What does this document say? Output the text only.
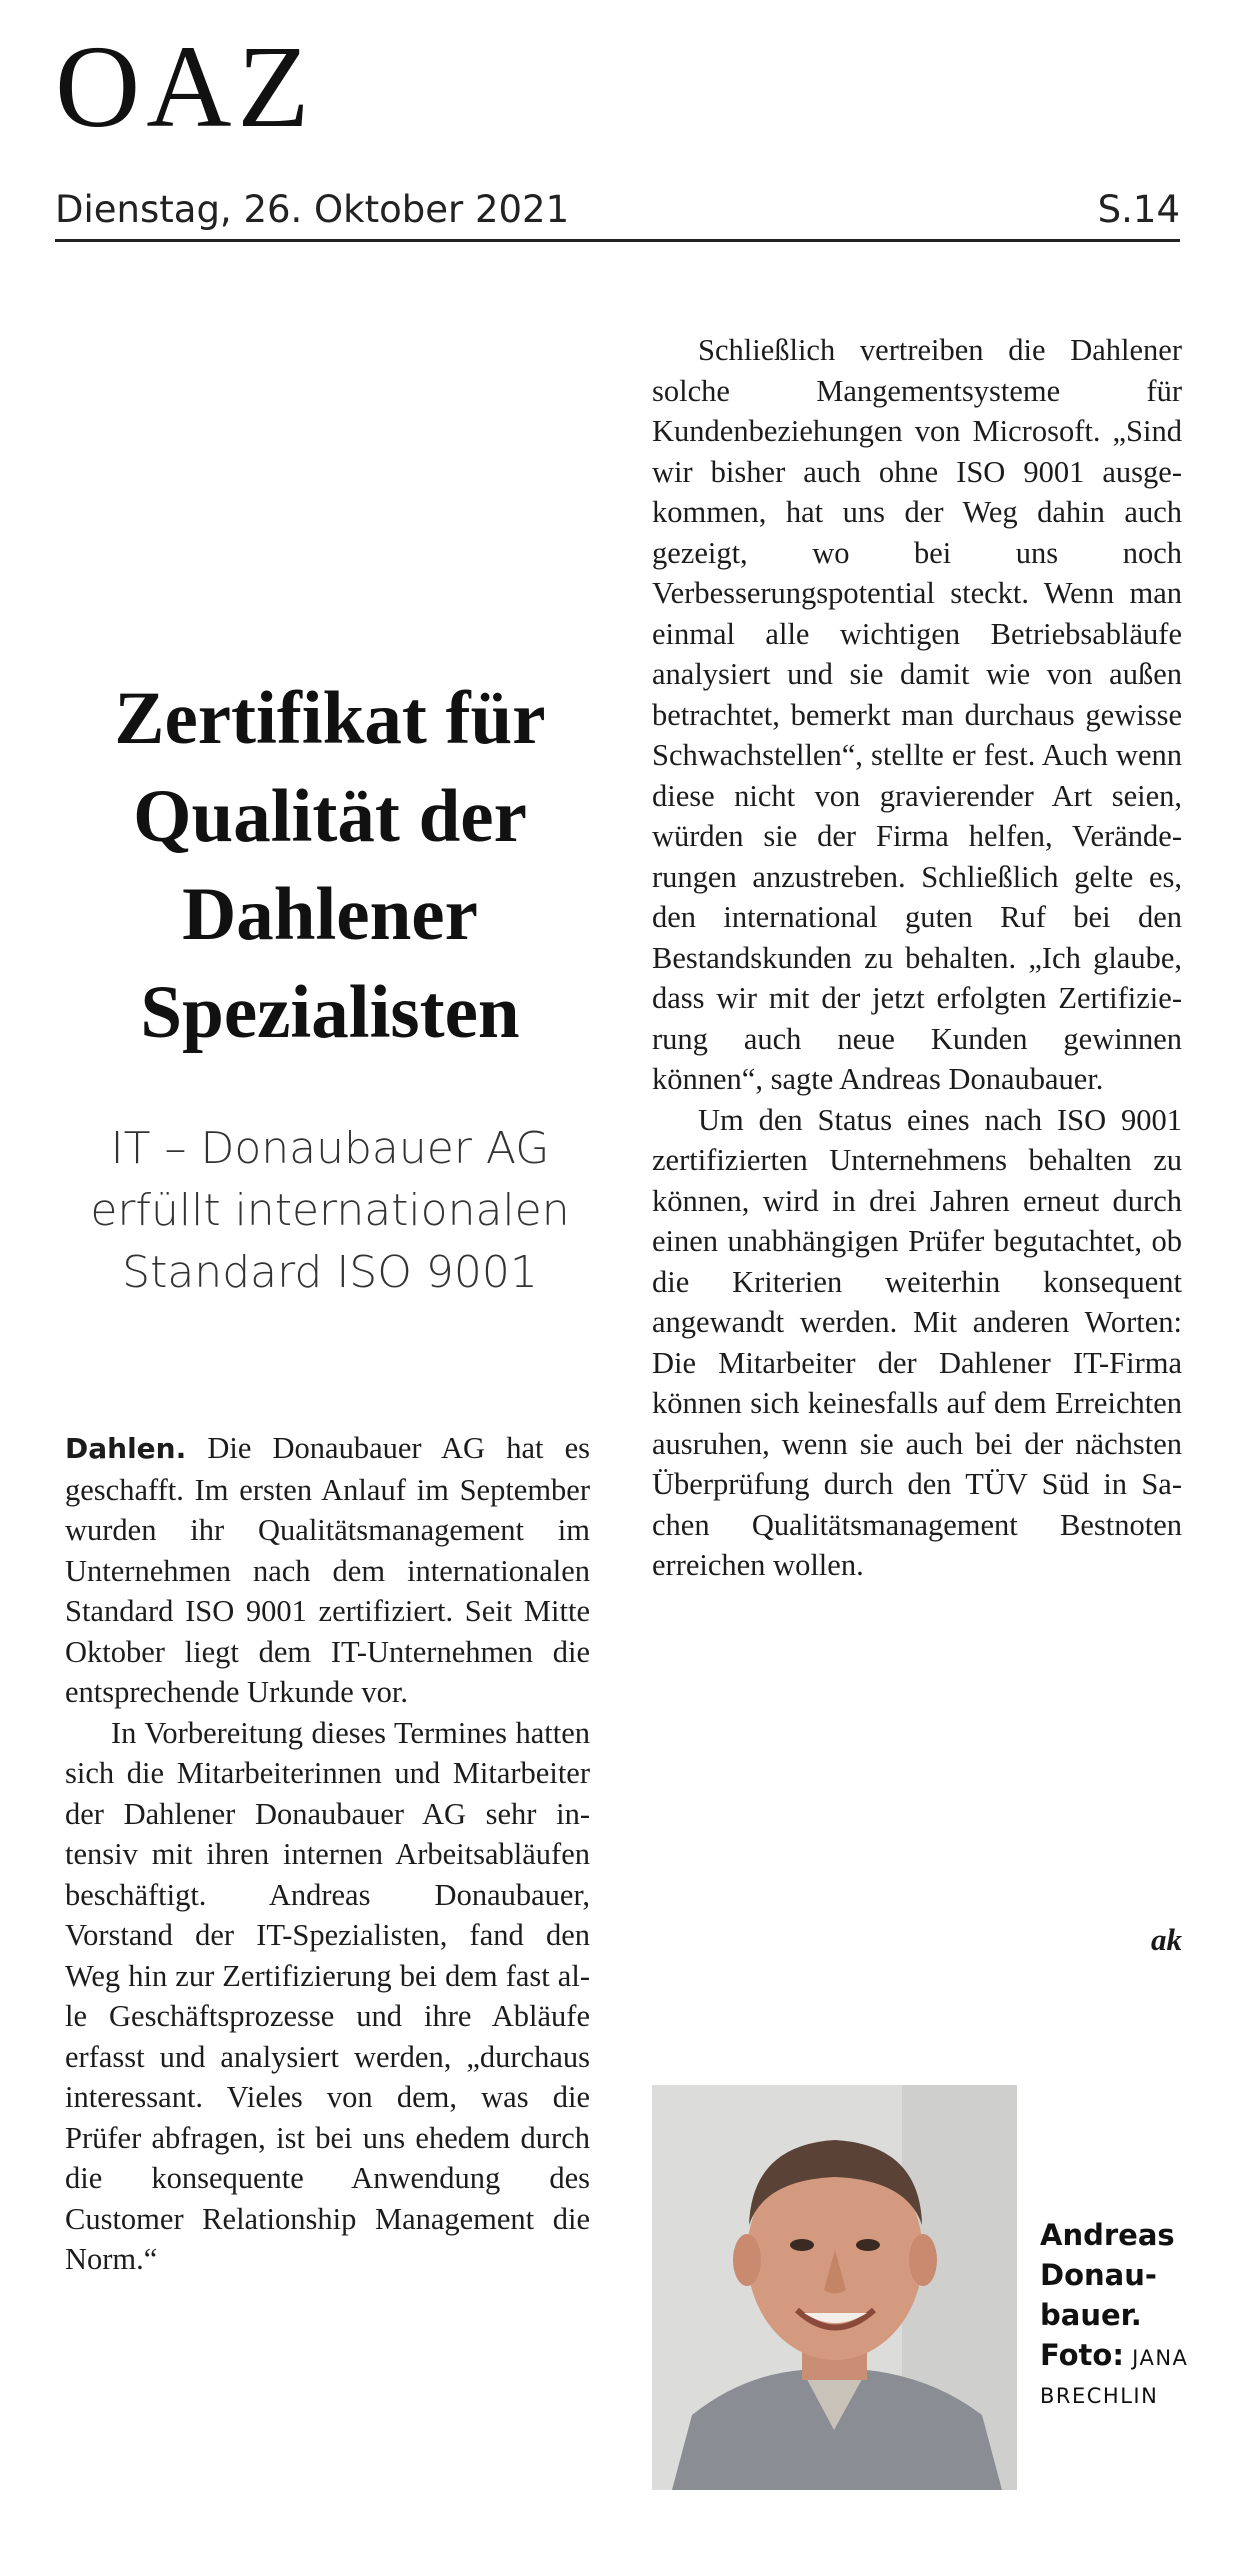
OAZ
Dienstag, 26. Oktober 2021	S.14
Zertifikat für Qualität der Dahlener Spezialisten
IT – Donaubauer AG erfüllt internationalen Standard ISO 9001

Dahlen. Die Donaubauer AG hat es geschafft. Im ersten Anlauf im September wurden ihr Qualitätsmanagement im Unternehmen nach dem internationalen Standard ISO 9001 zertifiziert. Seit Mitte Oktober liegt dem IT-Unternehmen die entsprechende Urkunde vor.

In Vorbereitung dieses Termines hatten sich die Mitarbeiterinnen und Mitarbeiter der Dahlener Donaubauer AG sehr intensiv mit ihren internen Arbeitsabläufen beschäftigt. Andreas Donaubauer, Vorstand der IT-Spezialisten, fand den Weg hin zur Zertifizierung bei dem fast alle Geschäftsprozesse und ihre Abläufe erfasst und analysiert werden, „durchaus interessant. Vieles von dem, was die Prüfer abfragen, ist bei uns ehedem durch die konsequente Anwendung des Customer Relationship Management die Norm.“

Schließlich vertreiben die Dahlener solche Mangementsysteme für Kundenbeziehungen von Microsoft. „Sind wir bisher auch ohne ISO 9001 ausgekommen, hat uns der Weg dahin auch gezeigt, wo bei uns noch Verbesserungspotential steckt. Wenn man einmal alle wichtigen Betriebsabläufe analysiert und sie damit wie von außen betrachtet, bemerkt man durchaus gewisse Schwachstellen“, stellte er fest. Auch wenn diese nicht von gravierender Art seien, würden sie der Firma helfen, Veränderungen anzustreben. Schließlich gelte es, den international guten Ruf bei den Bestandskunden zu behalten. „Ich glaube, dass wir mit der jetzt erfolgten Zertifizierung auch neue Kunden gewinnen können“, sagte Andreas Donaubauer.

Um den Status eines nach ISO 9001 zertifizierten Unternehmens behalten zu können, wird in drei Jahren erneut durch einen unabhängigen Prüfer begutachtet, ob die Kriterien weiterhin konsequent angewandt werden. Mit anderen Worten: Die Mitarbeiter der Dahlener IT-Firma können sich keinesfalls auf dem Erreichten ausruhen, wenn sie auch bei der nächsten Überprüfung durch den TÜV Süd in Sachen Qualitätsmanagement Bestnoten erreichen wollen.

ak
Andreas Donaubauer.
Foto: JANA BRECHLIN
